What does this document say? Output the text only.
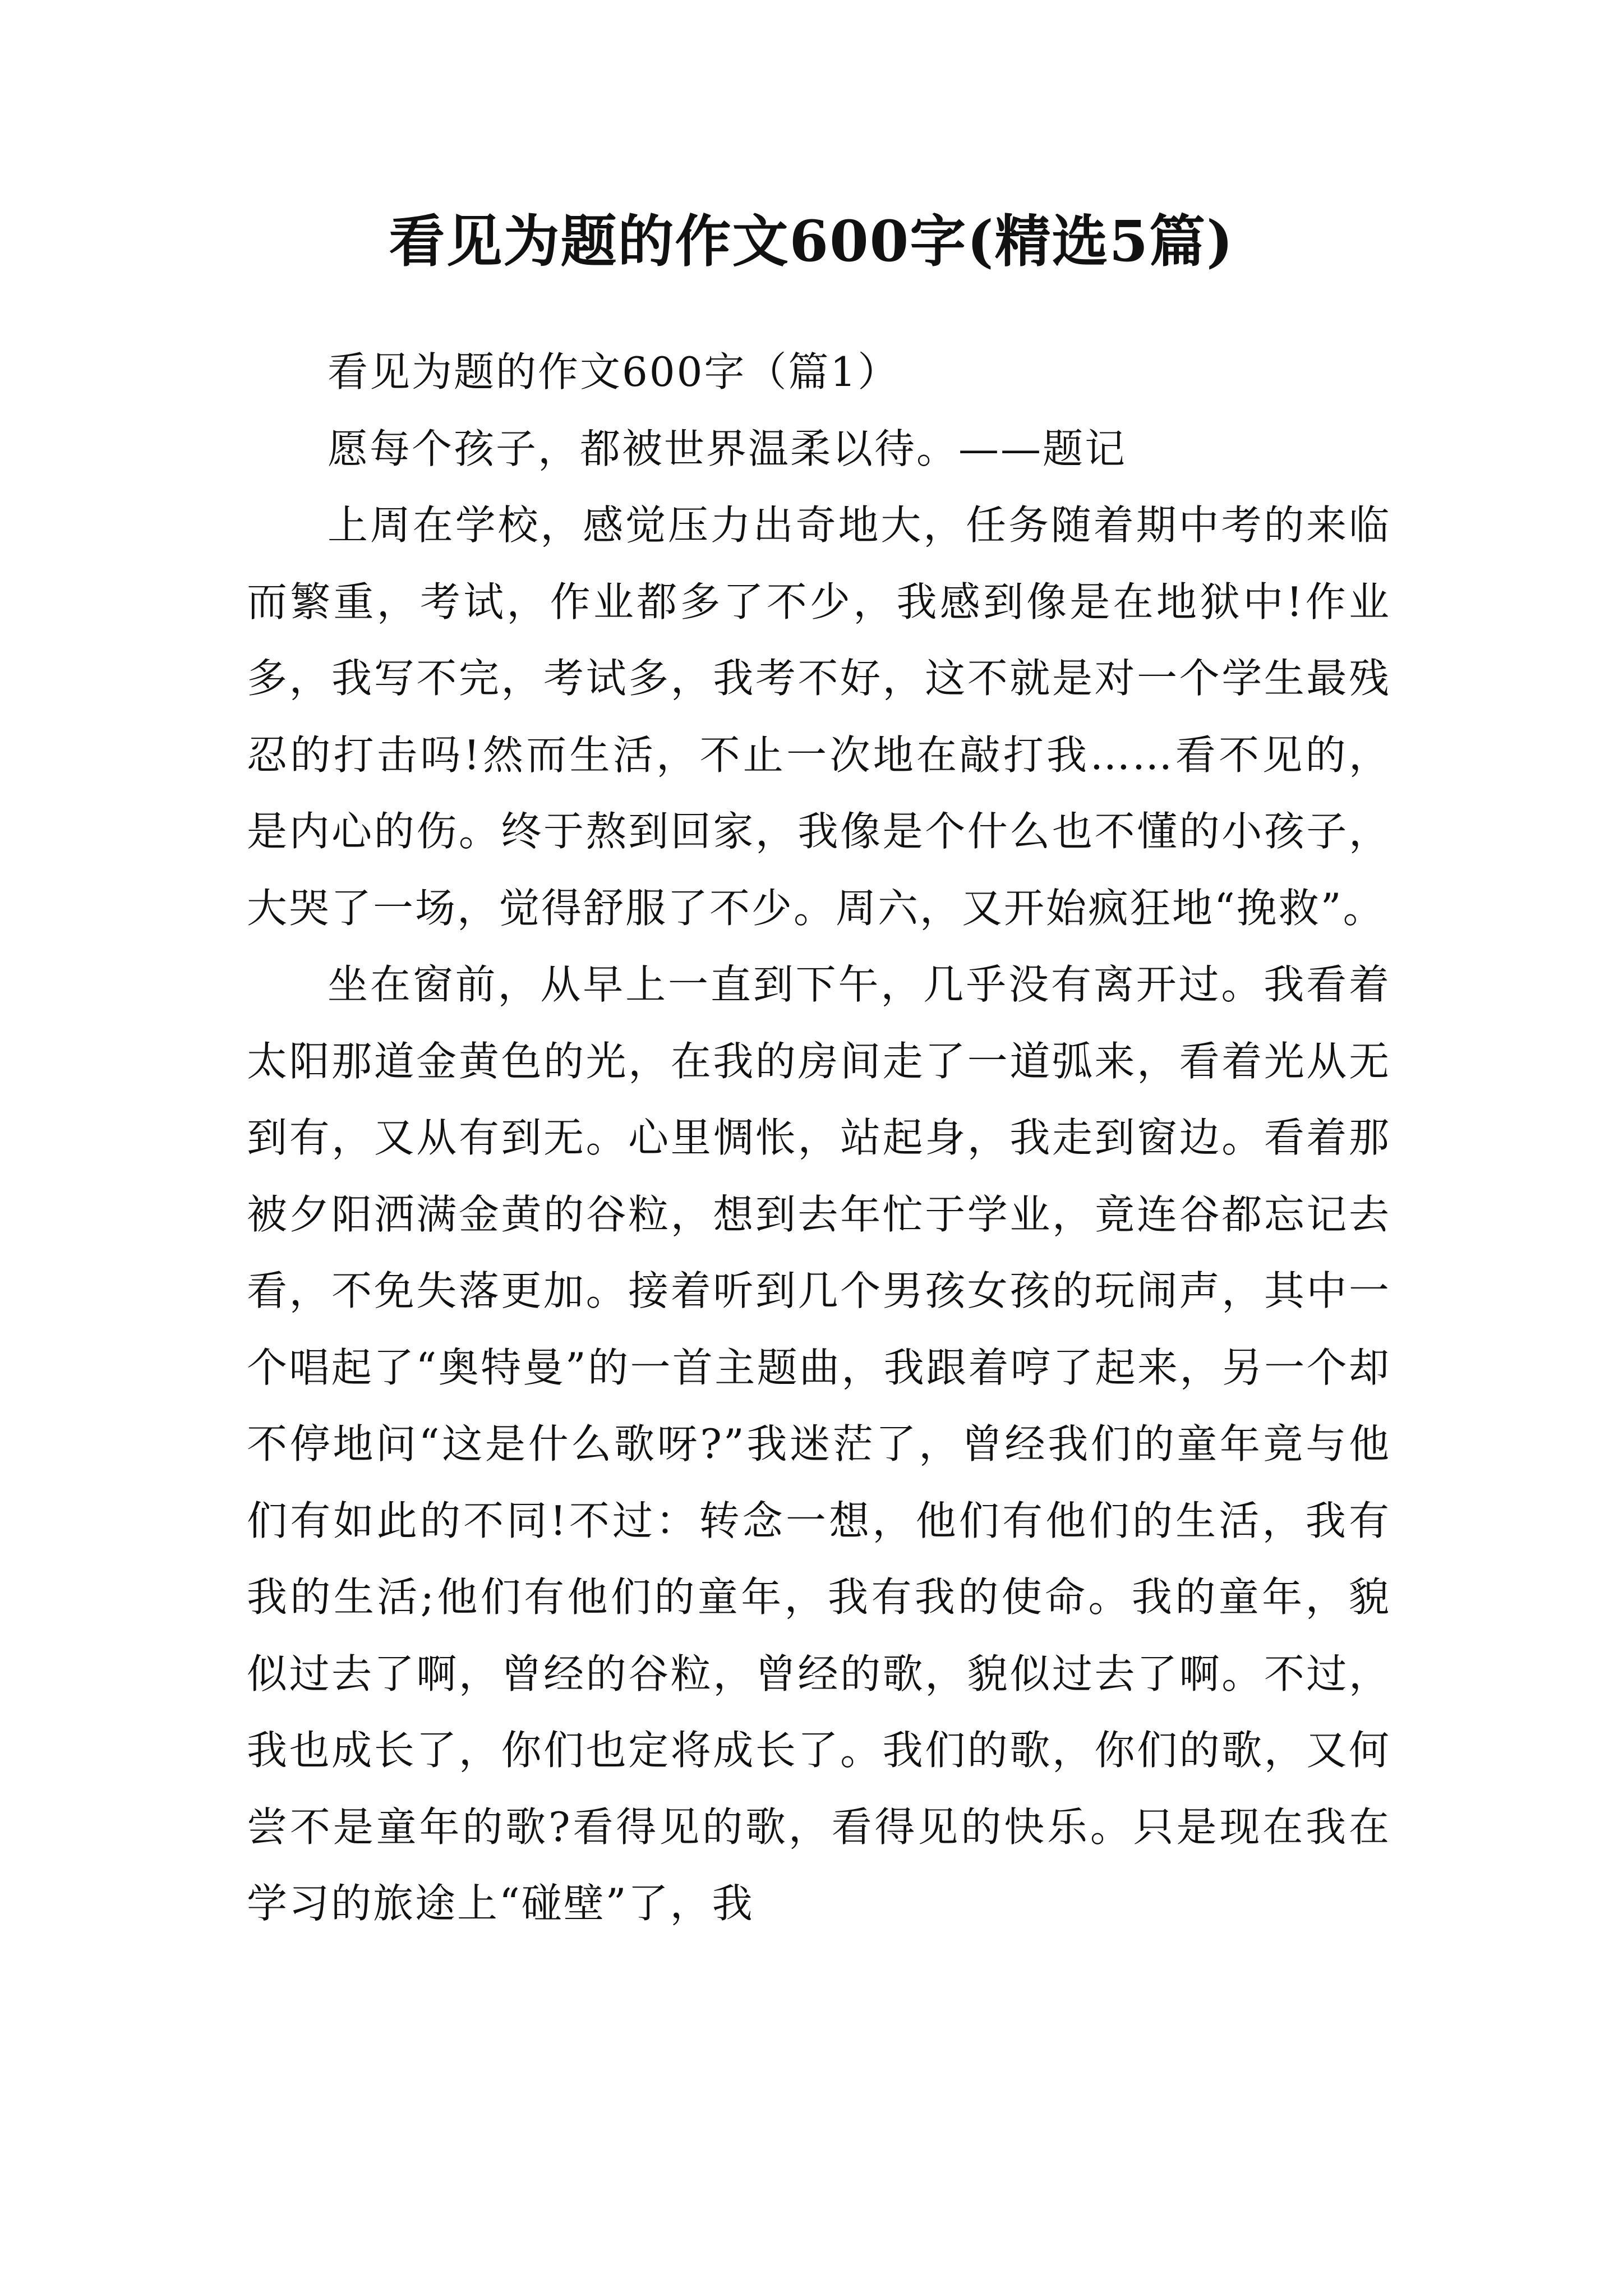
看见为题的作文600字(精选5篇)

看见为题的作文600字（篇1）

愿每个孩子，都被世界温柔以待。——题记

上周在学校，感觉压力出奇地大，任务随着期中考的来临而繁重，考试，作业都多了不少，我感到像是在地狱中!作业多，我写不完，考试多，我考不好，这不就是对一个学生最残忍的打击吗!然而生活，不止一次地在敲打我……看不见的，是内心的伤。终于熬到回家，我像是个什么也不懂的小孩子，大哭了一场，觉得舒服了不少。周六，又开始疯狂地“挽救”。

坐在窗前，从早上一直到下午，几乎没有离开过。我看着太阳那道金黄色的光，在我的房间走了一道弧来，看着光从无到有，又从有到无。心里惆怅，站起身，我走到窗边。看着那被夕阳洒满金黄的谷粒，想到去年忙于学业，竟连谷都忘记去看，不免失落更加。接着听到几个男孩女孩的玩闹声，其中一个唱起了“奥特曼”的一首主题曲，我跟着哼了起来，另一个却不停地问“这是什么歌呀?”我迷茫了，曾经我们的童年竟与他们有如此的不同!不过：转念一想，他们有他们的生活，我有我的生活;他们有他们的童年，我有我的使命。我的童年，貌似过去了啊，曾经的谷粒，曾经的歌，貌似过去了啊。不过，我也成长了，你们也定将成长了。我们的歌，你们的歌，又何尝不是童年的歌?看得见的歌，看得见的快乐。只是现在我在学习的旅途上“碰壁”了，我
